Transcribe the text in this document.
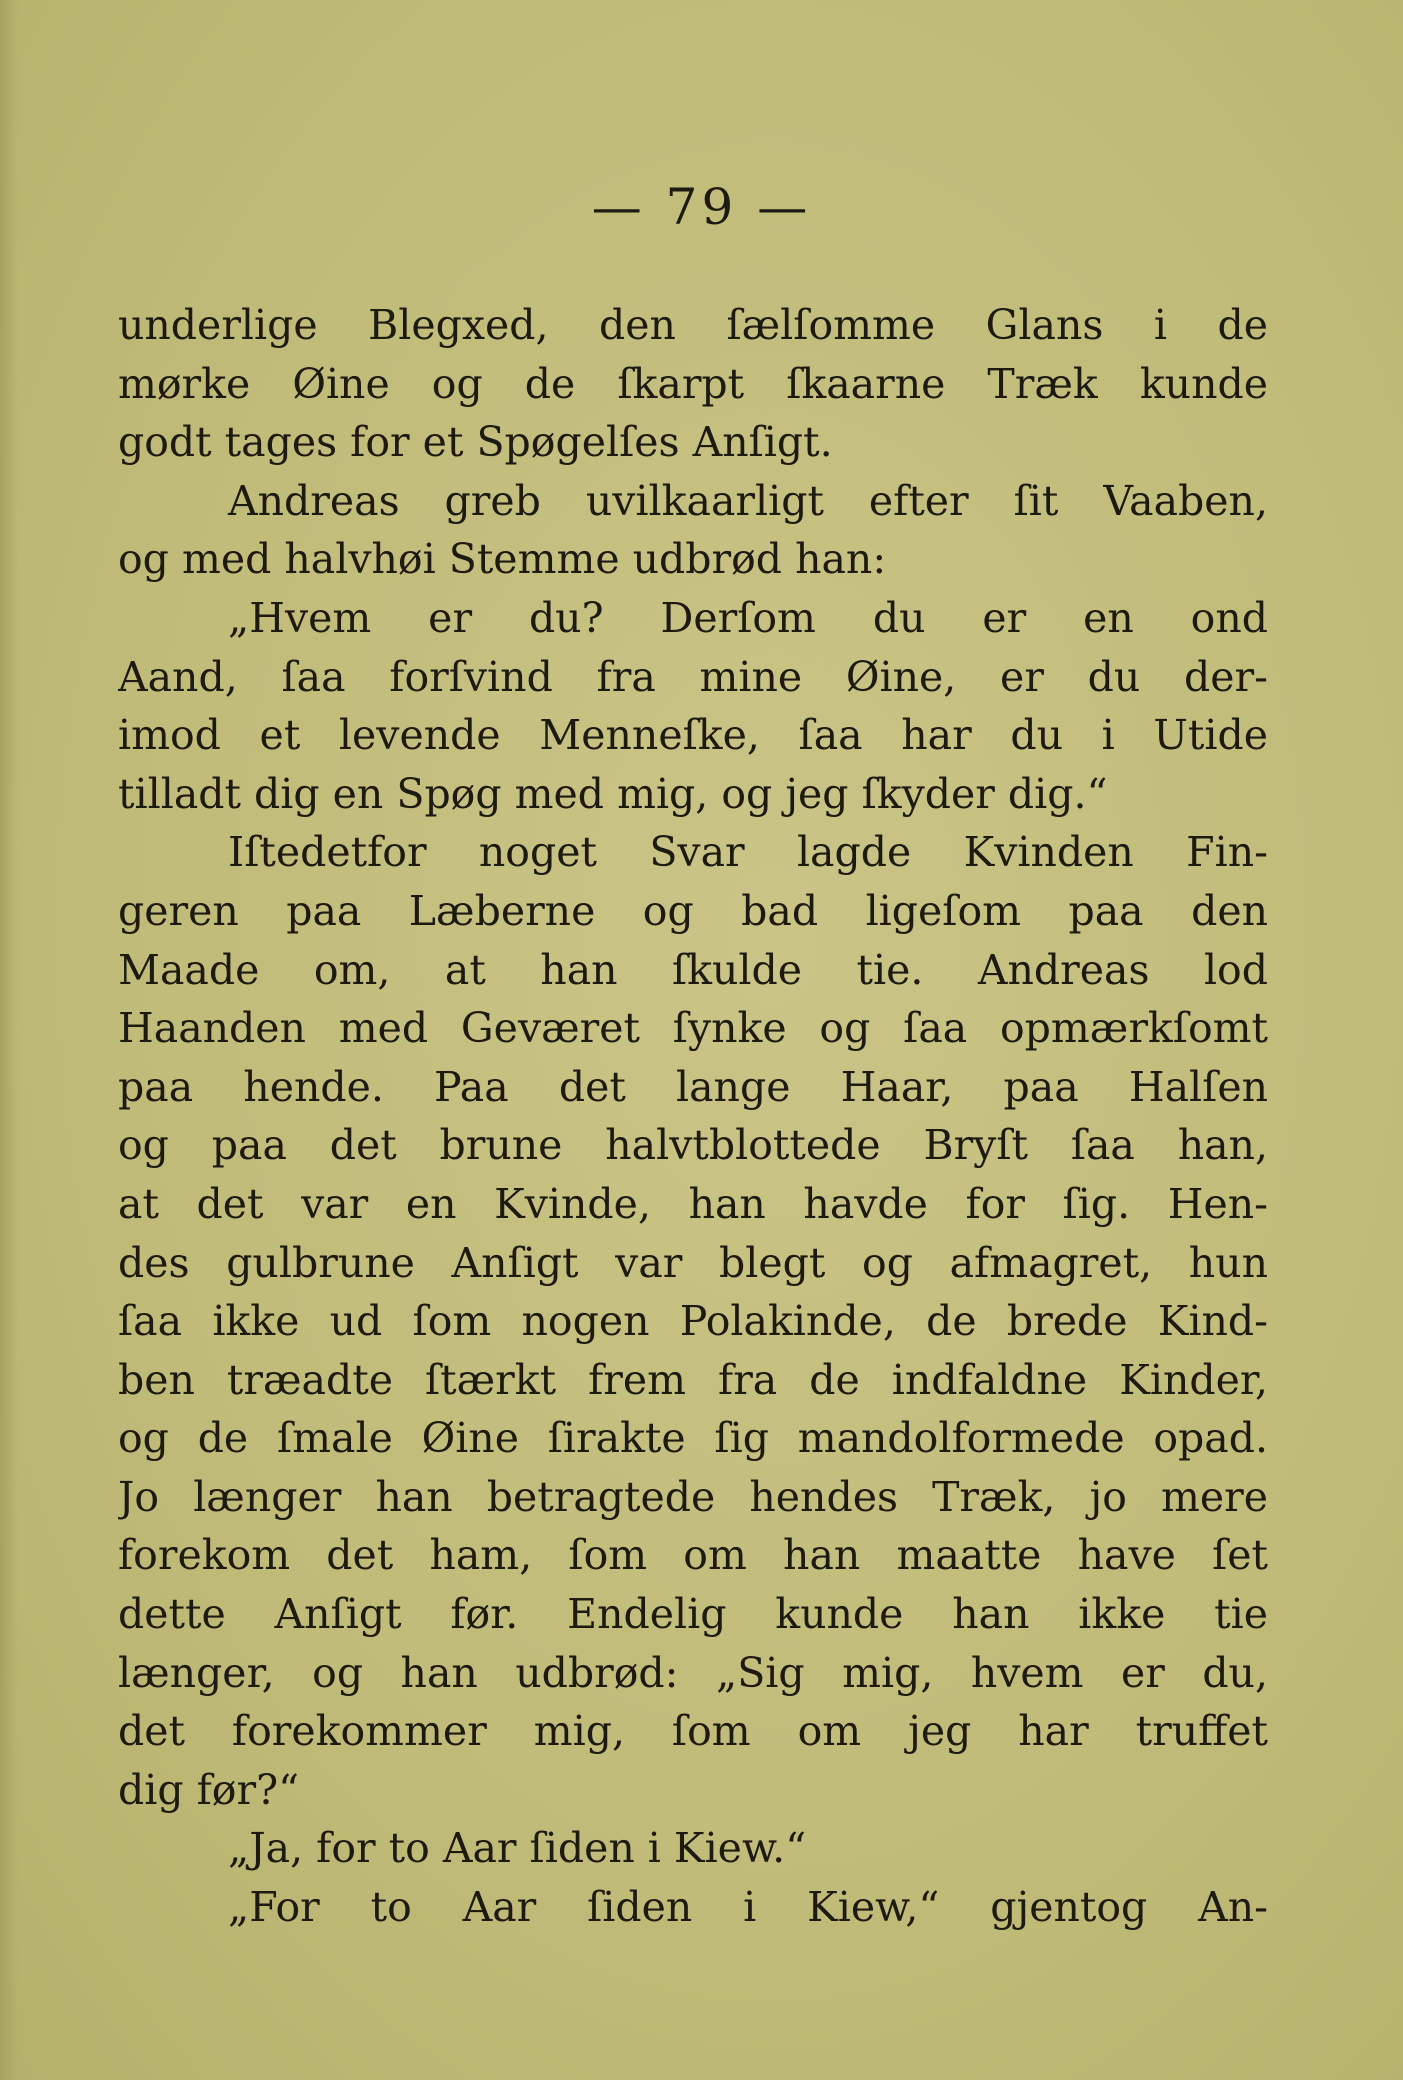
— 79 —
underlige Blegхed, den ſælſomme Glans i de
mørke Øine og de ſkarpt ſkaarne Træk kunde
godt tages for et Spøgelſes Anſigt.
Andreas greb uvilkaarligt efter ſit Vaaben,
og med halvhøi Stemme udbrød han:
„Hvem er du? Derſom du er en ond
Aand, ſaa forſvind fra mine Øine, er du der-
imod et levende Menneſke, ſaa har du i Utide
tilladt dig en Spøg med mig, og jeg ſkyder dig.“
Iſtedetfor noget Svar lagde Kvinden Fin-
geren paa Læberne og bad ligeſom paa den
Maade om, at han ſkulde tie. Andreas lod
Haanden med Geværet ſynke og ſaa opmærkſomt
paa hende. Paa det lange Haar, paa Halſen
og paa det brune halvtblottede Bryſt ſaa han,
at det var en Kvinde, han havde for ſig. Hen-
des gulbrune Anſigt var blegt og afmagret, hun
ſaa ikke ud ſom nogen Polakinde, de brede Kind-
ben træadte ſtærkt frem fra de indfaldne Kinder,
og de ſmale Øine ſirakte ſig mandolformede opad.
Jo længer han betragtede hendes Træk, jo mere
forekom det ham, ſom om han maatte have ſet
dette Anſigt før. Endelig kunde han ikke tie
længer, og han udbrød: „Sig mig, hvem er du,
det forekommer mig, ſom om jeg har truffet
dig før?“
„Ja, for to Aar ſiden i Kiew.“
„For to Aar ſiden i Kiew,“ gjentog An-
